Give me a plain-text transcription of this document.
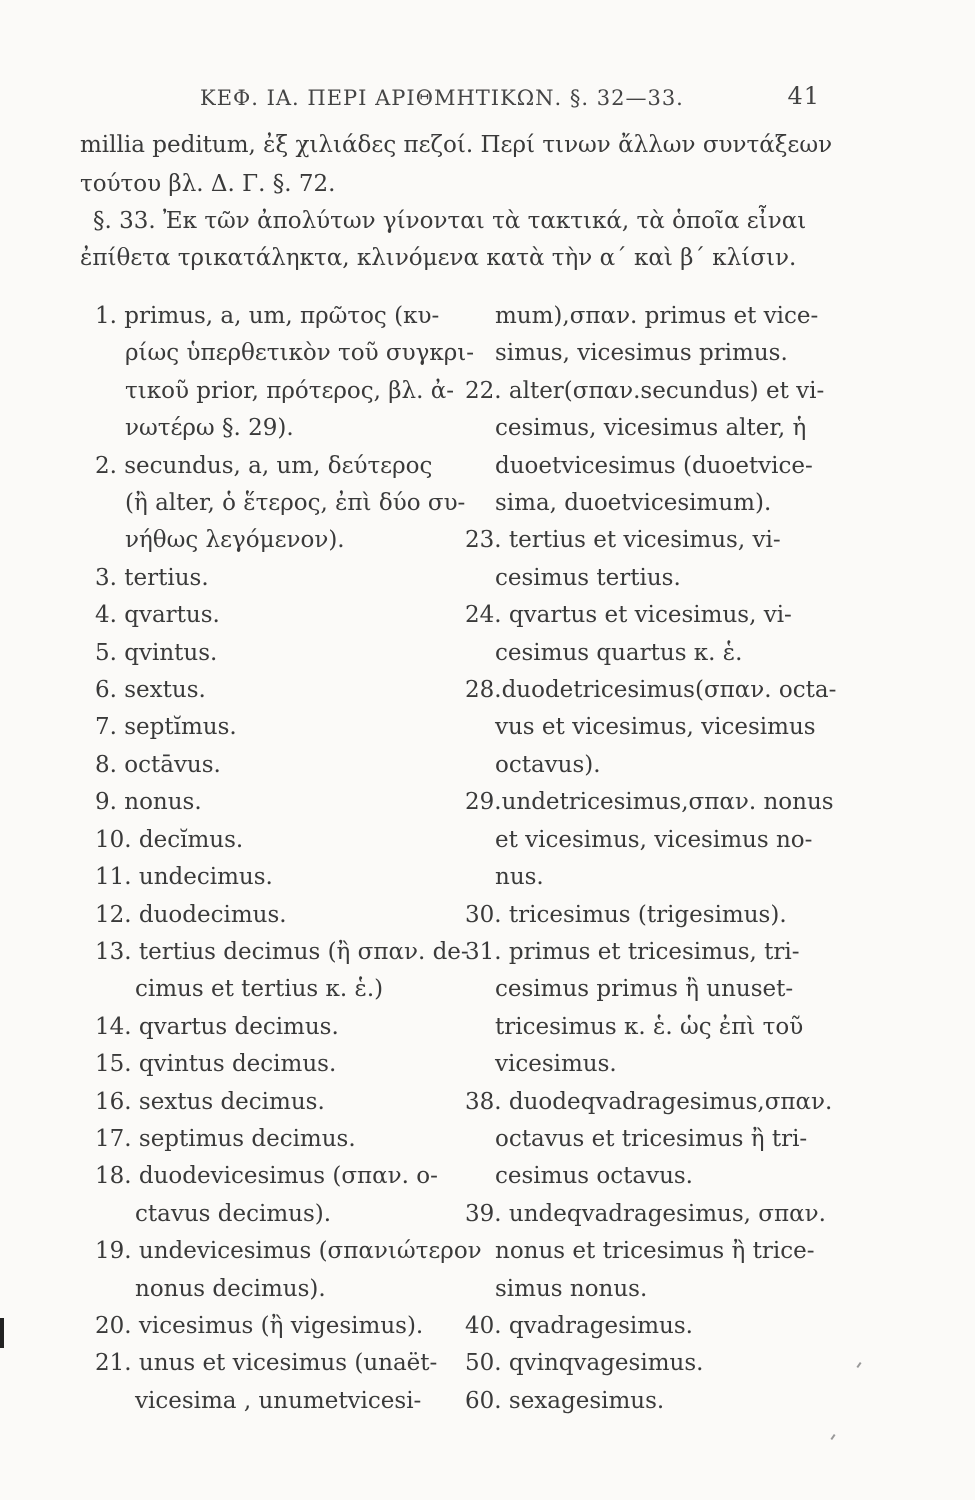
ΚΕΦ. ΙΑ. ΠΕΡΙ ΑΡΙΘΜΗΤΙΚΩΝ. §. 32—33.	41
millia peditum, ἐξ χιλιάδες πεζοί. Περί τινων ἄλλων συντάξεων
τούτου βλ. Δ. Γ. §. 72.
§. 33. Ἐκ τῶν ἀπολύτων γίνονται τὰ τακτικά, τὰ ὁποῖα εἶναι
ἐπίθετα τρικατάληκτα, κλινόμενα κατὰ τὴν α΄ καὶ β΄ κλίσιν.
1. primus, a, um, πρῶτος (κυ-
ρίως ὑπερθετικὸν τοῦ συγκρι-
τικοῦ prior, πρότερος, βλ. ἀ-
νωτέρω §. 29).
2. secundus, a, um, δεύτερος
(ἢ alter, ὁ ἕτερος, ἐπὶ δύο συ-
νήθως λεγόμενον).
3. tertius.
4. qvartus.
5. qvintus.
6. sextus.
7. septĭmus.
8. octāvus.
9. nonus.
10. decĭmus.
11. undecimus.
12. duodecimus.
13. tertius decimus (ἢ σπαν. de-
cimus et tertius κ. ἑ.)
14. qvartus decimus.
15. qvintus decimus.
16. sextus decimus.
17. septimus decimus.
18. duodevicesimus (σπαν. o-
ctavus decimus).
19. undevicesimus (σπανιώτερον
nonus decimus).
20. vicesimus (ἢ vigesimus).
21. unus et vicesimus (unaët-
vicesima , unumetvicesi-
mum),σπαν. primus et vice-
simus, vicesimus primus.
22. alter(σπαν.secundus) et vi-
cesimus, vicesimus alter, ἡ
duoetvicesimus (duoetvice-
sima, duoetvicesimum).
23. tertius et vicesimus, vi-
cesimus tertius.
24. qvartus et vicesimus, vi-
cesimus quartus κ. ἑ.
28.duodetricesimus(σπαν. octa-
vus et vicesimus, vicesimus
octavus).
29.undetricesimus,σπαν. nonus
et vicesimus, vicesimus no-
nus.
30. tricesimus (trigesimus).
31. primus et tricesimus, tri-
cesimus primus ἢ unuset-
tricesimus κ. ἑ. ὡς ἐπὶ τοῦ
vicesimus.
38. duodeqvadragesimus,σπαν.
octavus et tricesimus ἢ tri-
cesimus octavus.
39. undeqvadragesimus, σπαν.
nonus et tricesimus ἢ trice-
simus nonus.
40. qvadragesimus.
50. qvinqvagesimus.
60. sexagesimus.
